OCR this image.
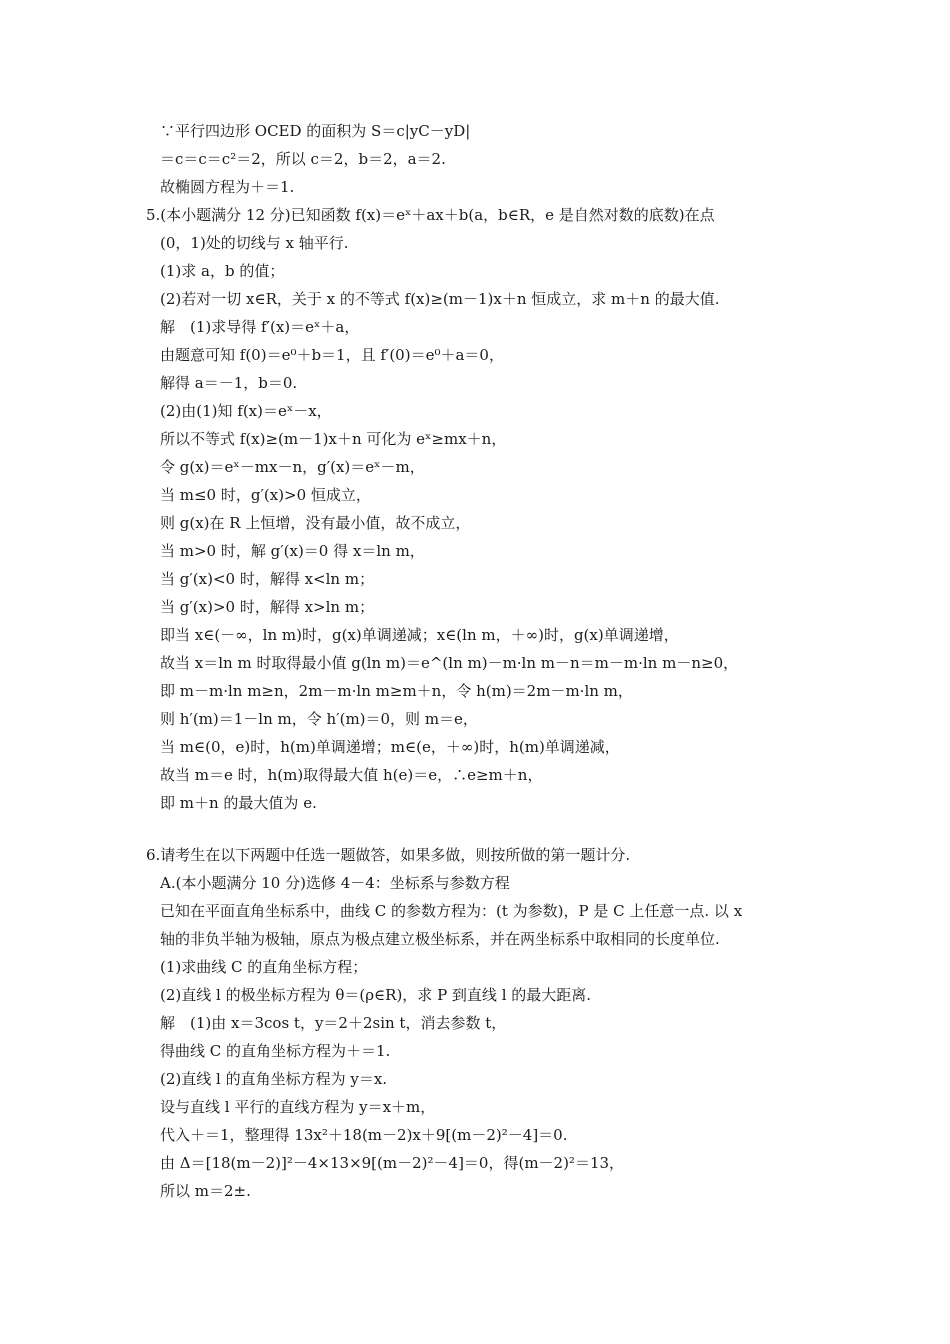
∵平行四边形 OCED 的面积为 S＝c|yC－yD|
＝c＝c＝c²＝2，所以 c＝2，b＝2，a＝2.
故椭圆方程为＋＝1.
5.(本小题满分 12 分)已知函数 f(x)＝eˣ＋ax＋b(a，b∈R，e 是自然对数的底数)在点
(0，1)处的切线与 x 轴平行.
(1)求 a，b 的值；
(2)若对一切 x∈R，关于 x 的不等式 f(x)≥(m－1)x＋n 恒成立，求 m＋n 的最大值.
解　(1)求导得 f′(x)＝eˣ＋a，
由题意可知 f(0)＝e⁰＋b＝1，且 f′(0)＝e⁰＋a＝0，
解得 a＝－1，b＝0.
(2)由(1)知 f(x)＝eˣ－x，
所以不等式 f(x)≥(m－1)x＋n 可化为 eˣ≥mx＋n，
令 g(x)＝eˣ－mx－n，g′(x)＝eˣ－m，
当 m≤0 时，g′(x)>0 恒成立，
则 g(x)在 R 上恒增，没有最小值，故不成立，
当 m>0 时，解 g′(x)＝0 得 x＝ln m，
当 g′(x)<0 时，解得 x<ln m；
当 g′(x)>0 时，解得 x>ln m；
即当 x∈(－∞，ln m)时，g(x)单调递减；x∈(ln m，＋∞)时，g(x)单调递增，
故当 x＝ln m 时取得最小值 g(ln m)＝e^(ln m)－m·ln m－n＝m－m·ln m－n≥0，
即 m－m·ln m≥n，2m－m·ln m≥m＋n，令 h(m)＝2m－m·ln m，
则 h′(m)＝1－ln m，令 h′(m)＝0，则 m＝e，
当 m∈(0，e)时，h(m)单调递增；m∈(e，＋∞)时，h(m)单调递减，
故当 m＝e 时，h(m)取得最大值 h(e)＝e，∴e≥m＋n，
即 m＋n 的最大值为 e.
6.请考生在以下两题中任选一题做答，如果多做，则按所做的第一题计分.
A.(本小题满分 10 分)选修 4－4：坐标系与参数方程
已知在平面直角坐标系中，曲线 C 的参数方程为：(t 为参数)，P 是 C 上任意一点. 以 x
轴的非负半轴为极轴，原点为极点建立极坐标系，并在两坐标系中取相同的长度单位.
(1)求曲线 C 的直角坐标方程；
(2)直线 l 的极坐标方程为 θ＝(ρ∈R)，求 P 到直线 l 的最大距离.
解　(1)由 x＝3cos t，y＝2＋2sin t，消去参数 t，
得曲线 C 的直角坐标方程为＋＝1.
(2)直线 l 的直角坐标方程为 y＝x.
设与直线 l 平行的直线方程为 y＝x＋m，
代入＋＝1，整理得 13x²＋18(m－2)x＋9[(m－2)²－4]＝0.
由 Δ＝[18(m－2)]²－4×13×9[(m－2)²－4]＝0，得(m－2)²＝13，
所以 m＝2±.
